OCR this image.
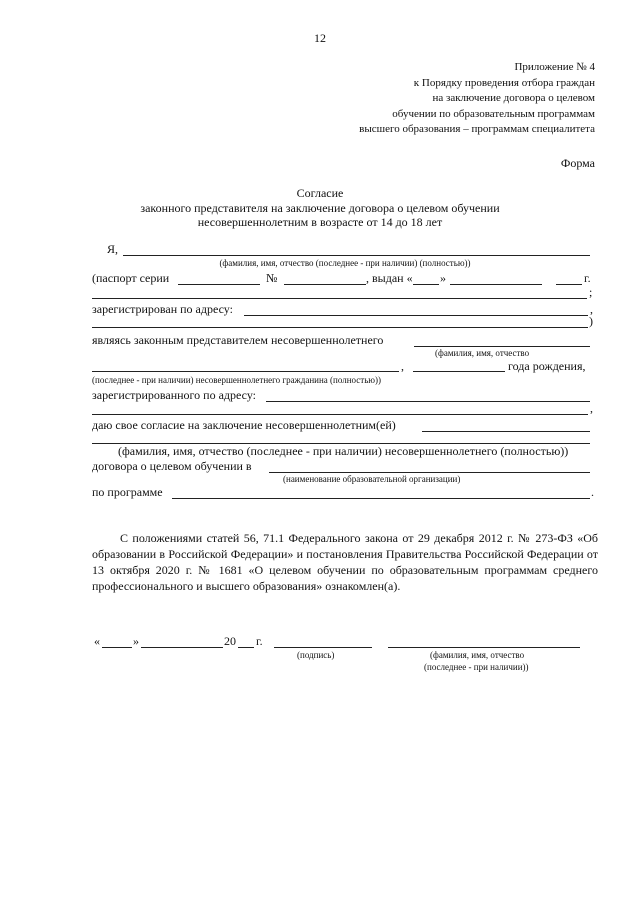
12
Приложение № 4
к Порядку проведения отбора граждан
на заключение договора о целевом
обучении по образовательным программам
высшего образования – программам специалитета
Форма
Согласие
законного представителя на заключение договора о целевом обучении
несовершеннолетним в возрасте от 14 до 18 лет
Я,
(фамилия, имя, отчество (последнее - при наличии) (полностью))
(паспорт серии	№	, выдан « »	г.
;
зарегистрирован по адресу:	,
)
являясь законным представителем несовершеннолетнего
(фамилия, имя, отчество
,	года рождения,
(последнее - при наличии) несовершеннолетнего гражданина (полностью))
зарегистрированного по адресу:
,
даю свое согласие на заключение несовершеннолетним(ей)
(фамилия, имя, отчество (последнее - при наличии) несовершеннолетнего (полностью))
договора о целевом обучении в
(наименование образовательной организации)
по программе	.
С положениями статей 56, 71.1 Федерального закона от 29 декабря 2012 г. № 273-ФЗ «Об образовании в Российской Федерации» и постановления Правительства Российской Федерации от 13 октября 2020 г. № 1681 «О целевом обучении по образовательным программам среднего профессионального и высшего образования» ознакомлен(а).
«	»	20 г.
(подпись)	(фамилия, имя, отчество
(последнее - при наличии))
